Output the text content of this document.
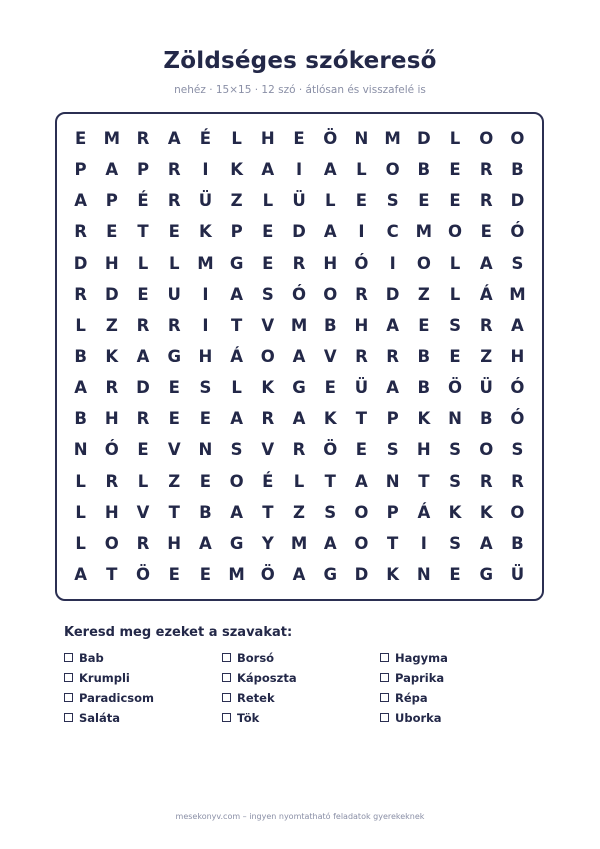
Zöldséges szókereső
nehéz · 15×15 · 12 szó · átlósan és visszafelé is
E	M	R	A	É	L	H	E	Ö	N M D	L	O	O
P	A	P	R	I	K	A	I	A	L	O	B	E	R	B
A	P	É	R	Ü	Z	L	Ü	L	E	S	E	E	R	D
R	E	T	E	K	P	E	D	A	I	C	M O	E	Ó
D	H	L	L	M G	E	R	H	Ó	I	O	L	A	S
R	D	E	U	I	A	S	Ó	O	R	D	Z	L	Á	M
L	Z	R	R	I	T	V	M	B	H	A	E	S	R	A
B	K	A	G	H	Á	O	A	V	R	R	B	E	Z	H
A	R	D	E	S	L	K	G	E	Ü	A	B	Ö	Ü	Ó
B	H	R	E	E	A	R	A	K	T	P	K	N	B	Ó
N	Ó	E	V	N	S	V	R	Ö	E	S	H	S	O	S
L	R	L	Z	E	O	É	L	T	A	N	T	S	R	R
L	H	V	T	B	A	T	Z	S	O	P	Á	K	K	O
L	O	R	H	A	G	Y	M	A	O	T	I	S	A	B
A	T	Ö	E	E	M Ö	A	G	D	K	N	E	G	Ü
Keresd meg ezeket a szavakat:
Bab	Borsó	Hagyma
Krumpli	Káposzta	Paprika
Paradicsom	Retek	Répa
Saláta	Tök	Uborka
mesekonyv.com – ingyen nyomtatható feladatok gyerekeknek
